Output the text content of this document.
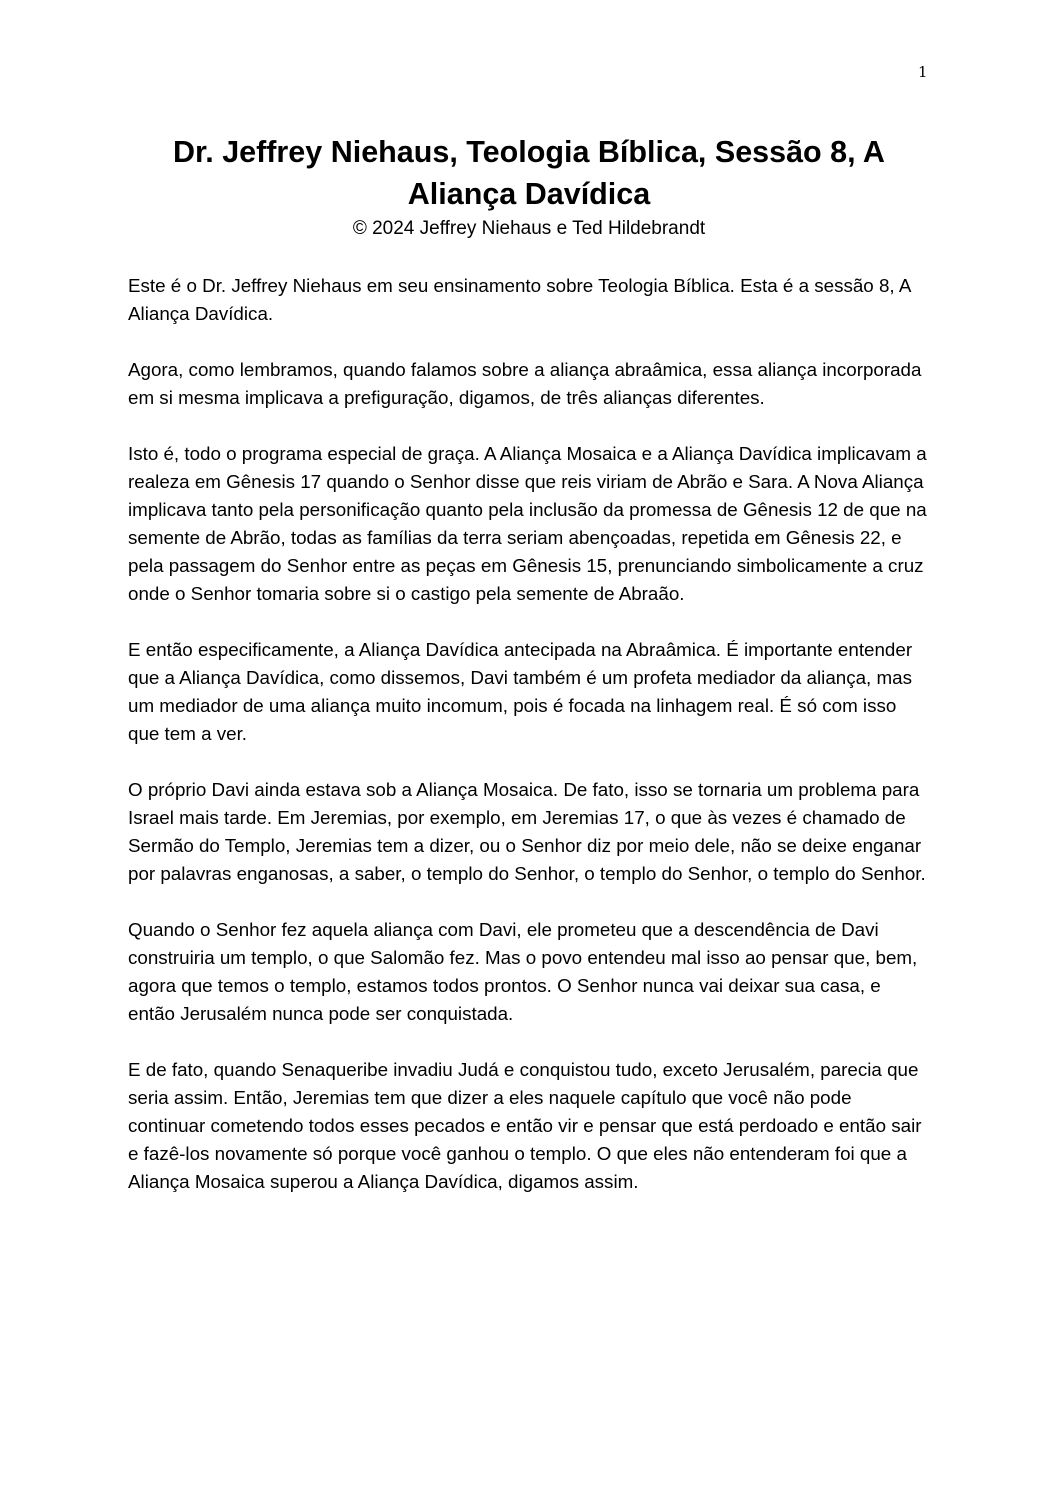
1
Dr. Jeffrey Niehaus, Teologia Bíblica, Sessão 8, A Aliança Davídica

© 2024 Jeffrey Niehaus e Ted Hildebrandt

Este é o Dr. Jeffrey Niehaus em seu ensinamento sobre Teologia Bíblica. Esta é a sessão 8, A Aliança Davídica.

Agora, como lembramos, quando falamos sobre a aliança abraâmica, essa aliança incorporada em si mesma implicava a prefiguração, digamos, de três alianças diferentes.

Isto é, todo o programa especial de graça. A Aliança Mosaica e a Aliança Davídica implicavam a realeza em Gênesis 17 quando o Senhor disse que reis viriam de Abrão e Sara. A Nova Aliança implicava tanto pela personificação quanto pela inclusão da promessa de Gênesis 12 de que na semente de Abrão, todas as famílias da terra seriam abençoadas, repetida em Gênesis 22, e pela passagem do Senhor entre as peças em Gênesis 15, prenunciando simbolicamente a cruz onde o Senhor tomaria sobre si o castigo pela semente de Abraão.

E então especificamente, a Aliança Davídica antecipada na Abraâmica. É importante entender que a Aliança Davídica, como dissemos, Davi também é um profeta mediador da aliança, mas um mediador de uma aliança muito incomum, pois é focada na linhagem real. É só com isso que tem a ver.

O próprio Davi ainda estava sob a Aliança Mosaica. De fato, isso se tornaria um problema para Israel mais tarde. Em Jeremias, por exemplo, em Jeremias 17, o que às vezes é chamado de Sermão do Templo, Jeremias tem a dizer, ou o Senhor diz por meio dele, não se deixe enganar por palavras enganosas, a saber, o templo do Senhor, o templo do Senhor, o templo do Senhor.

Quando o Senhor fez aquela aliança com Davi, ele prometeu que a descendência de Davi construiria um templo, o que Salomão fez. Mas o povo entendeu mal isso ao pensar que, bem, agora que temos o templo, estamos todos prontos. O Senhor nunca vai deixar sua casa, e então Jerusalém nunca pode ser conquistada.

E de fato, quando Senaqueribe invadiu Judá e conquistou tudo, exceto Jerusalém, parecia que seria assim. Então, Jeremias tem que dizer a eles naquele capítulo que você não pode continuar cometendo todos esses pecados e então vir e pensar que está perdoado e então sair e fazê-los novamente só porque você ganhou o templo. O que eles não entenderam foi que a Aliança Mosaica superou a Aliança Davídica, digamos assim.
